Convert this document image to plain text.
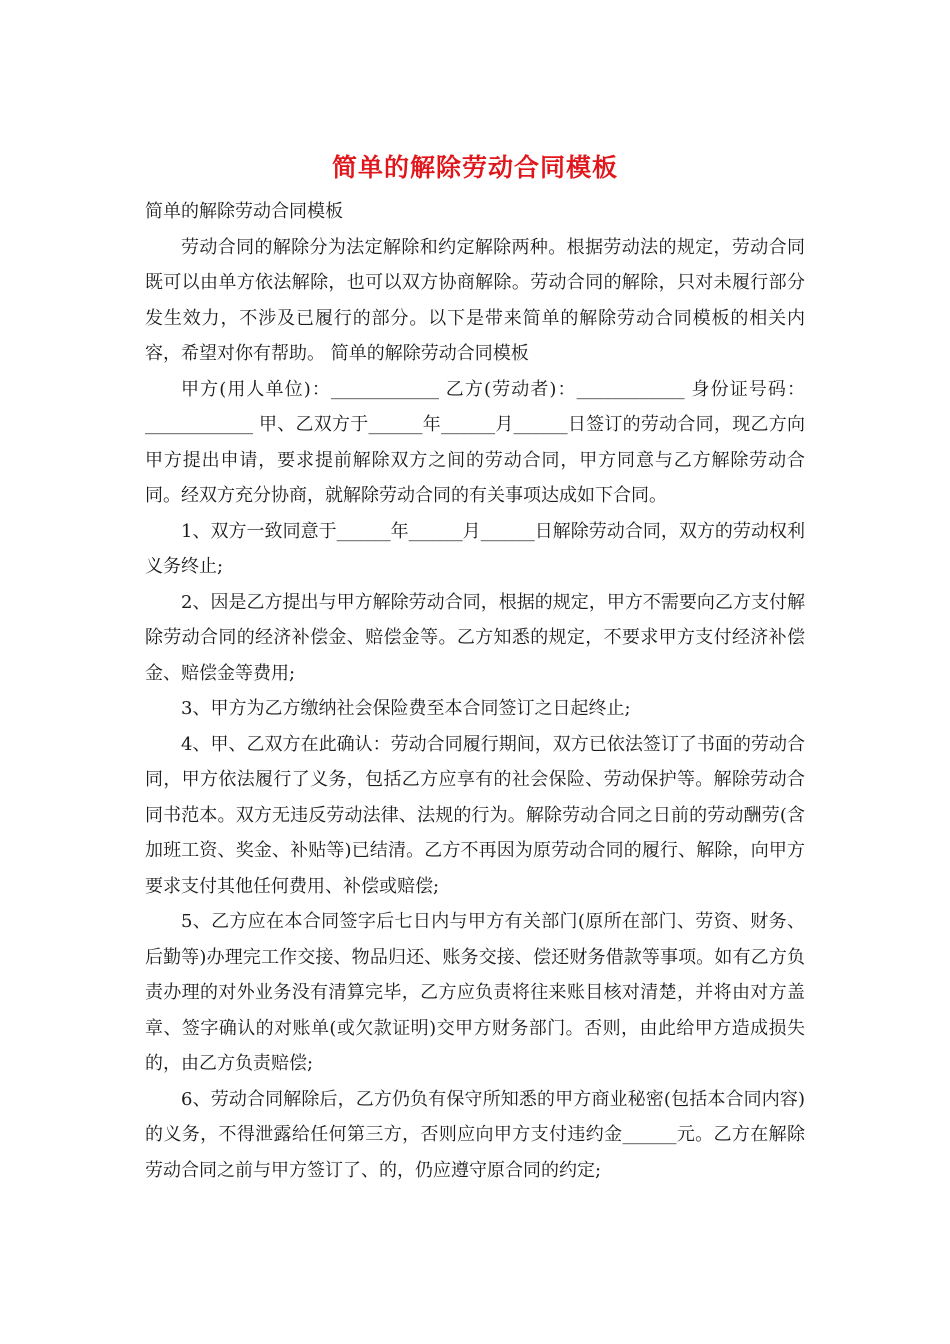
简单的解除劳动合同模板

简单的解除劳动合同模板

劳动合同的解除分为法定解除和约定解除两种。根据劳动法的规定，劳动合同既可以由单方依法解除，也可以双方协商解除。劳动合同的解除，只对未履行部分发生效力，不涉及已履行的部分。以下是带来简单的解除劳动合同模板的相关内容，希望对你有帮助。 简单的解除劳动合同模板

甲方(用人单位)：____________ 乙方(劳动者)：____________ 身份证号码：____________ 甲、乙双方于______年______月______日签订的劳动合同，现乙方向甲方提出申请，要求提前解除双方之间的劳动合同，甲方同意与乙方解除劳动合同。经双方充分协商，就解除劳动合同的有关事项达成如下合同。

1、双方一致同意于______年______月______日解除劳动合同，双方的劳动权利义务终止;

2、因是乙方提出与甲方解除劳动合同，根据的规定，甲方不需要向乙方支付解除劳动合同的经济补偿金、赔偿金等。乙方知悉的规定，不要求甲方支付经济补偿金、赔偿金等费用;

3、甲方为乙方缴纳社会保险费至本合同签订之日起终止;

4、甲、乙双方在此确认：劳动合同履行期间，双方已依法签订了书面的劳动合同，甲方依法履行了义务，包括乙方应享有的社会保险、劳动保护等。解除劳动合同书范本。双方无违反劳动法律、法规的行为。解除劳动合同之日前的劳动酬劳(含加班工资、奖金、补贴等)已结清。乙方不再因为原劳动合同的履行、解除，向甲方要求支付其他任何费用、补偿或赔偿;

5、乙方应在本合同签字后七日内与甲方有关部门(原所在部门、劳资、财务、后勤等)办理完工作交接、物品归还、账务交接、偿还财务借款等事项。如有乙方负责办理的对外业务没有清算完毕，乙方应负责将往来账目核对清楚，并将由对方盖章、签字确认的对账单(或欠款证明)交甲方财务部门。否则，由此给甲方造成损失的，由乙方负责赔偿;

6、劳动合同解除后，乙方仍负有保守所知悉的甲方商业秘密(包括本合同内容)的义务，不得泄露给任何第三方，否则应向甲方支付违约金______元。乙方在解除劳动合同之前与甲方签订了、的，仍应遵守原合同的约定;
